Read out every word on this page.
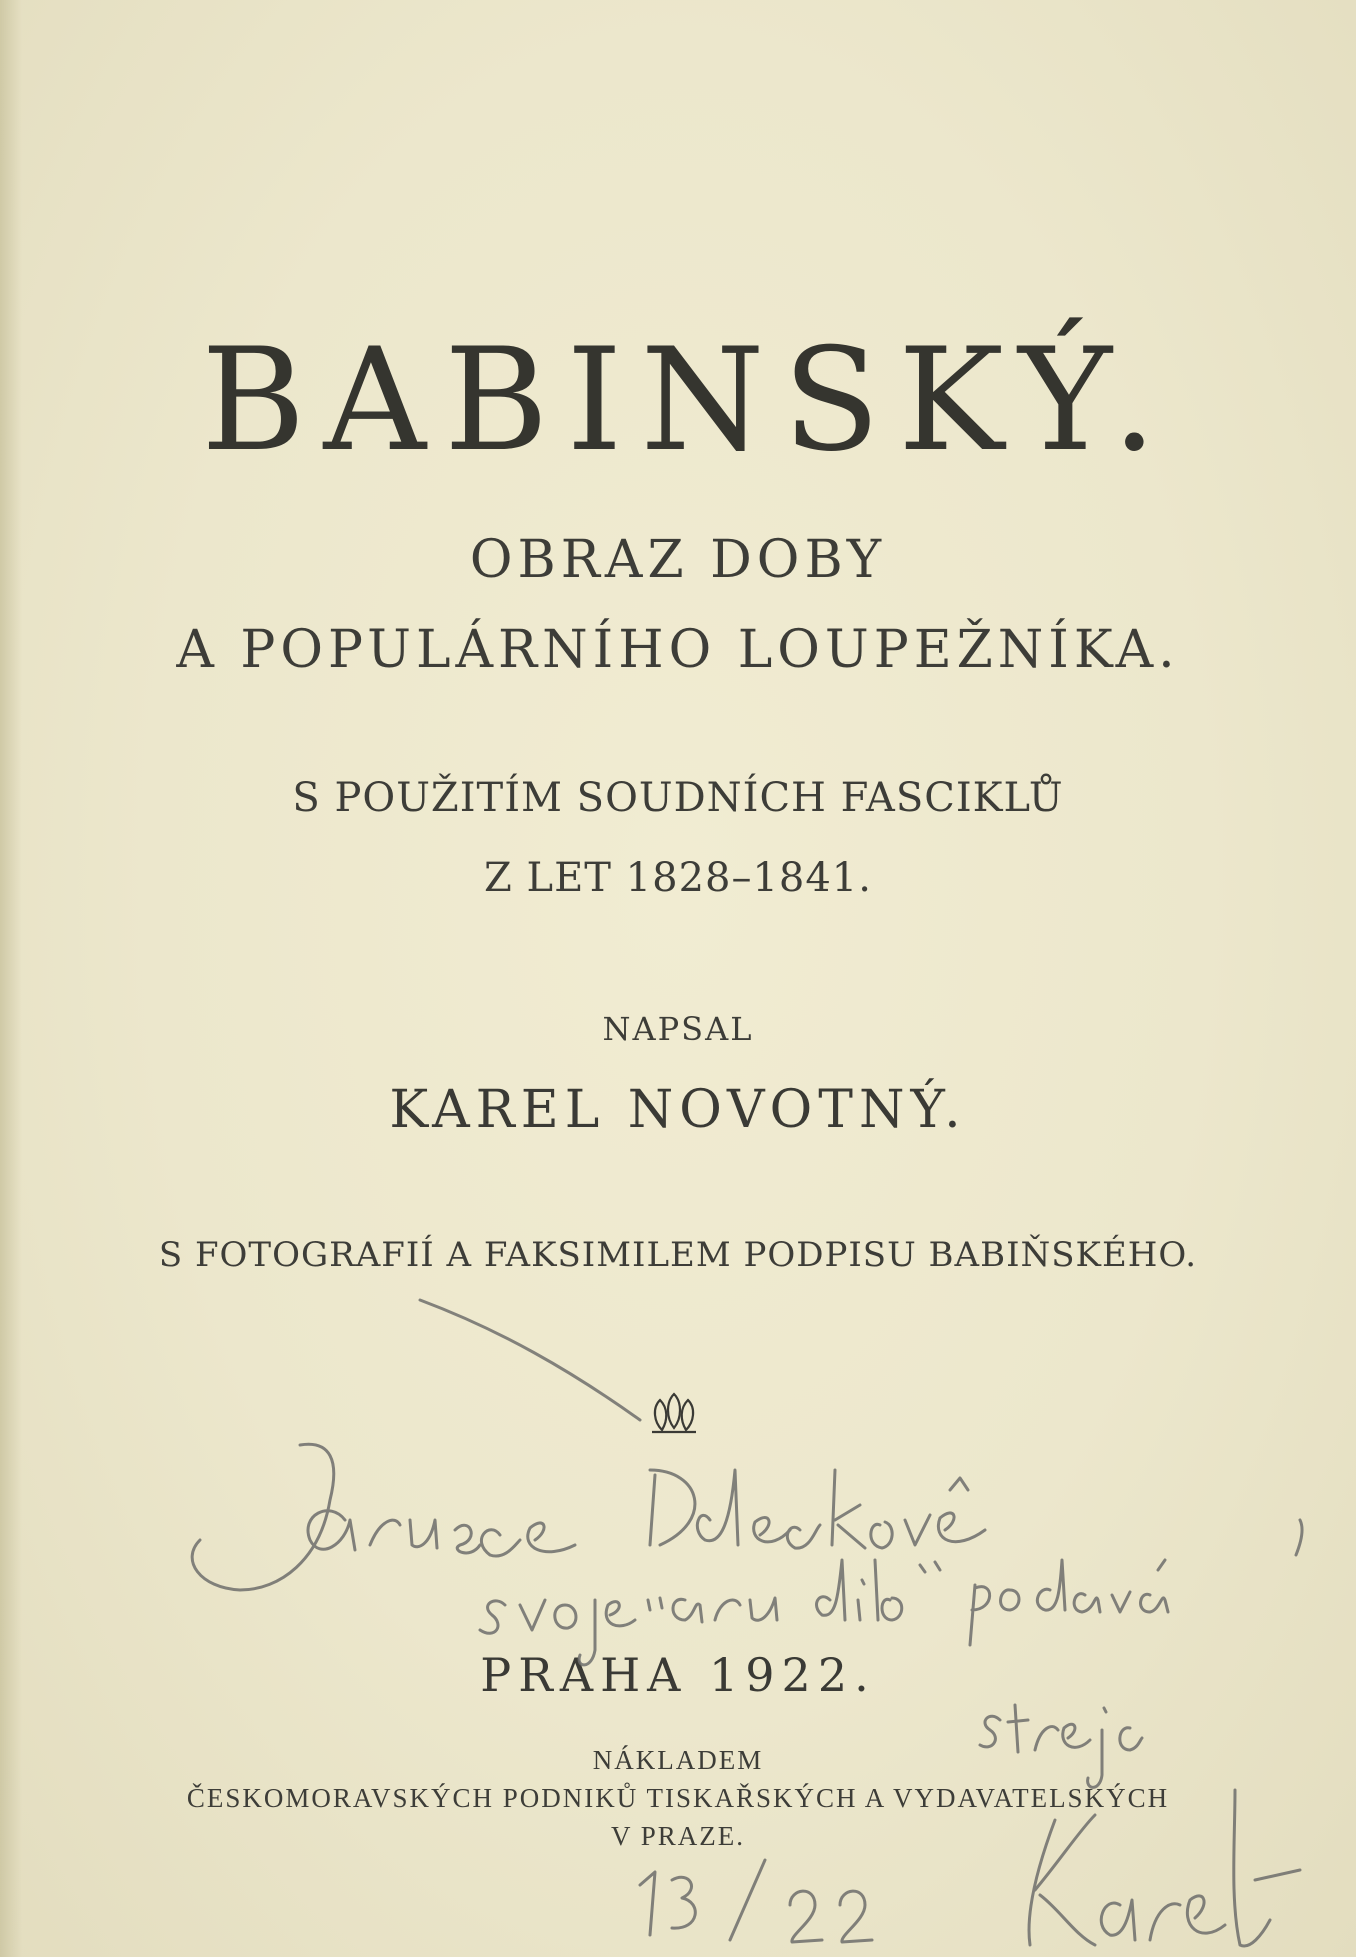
BABINSKÝ.

OBRAZ DOBY

A POPULÁRNÍHO LOUPEŽNÍKA.

S POUŽITÍM SOUDNÍCH FASCIKLŮ

Z LET 1828–1841.

NAPSAL

KAREL NOVOTNÝ.

S FOTOGRAFIÍ A FAKSIMILEM PODPISU BABIŇSKÉHO.

PRAHA 1922.

NÁKLADEM

ČESKOMORAVSKÝCH PODNIKŮ TISKAŘSKÝCH A VYDAVATELSKÝCH

V PRAZE.
